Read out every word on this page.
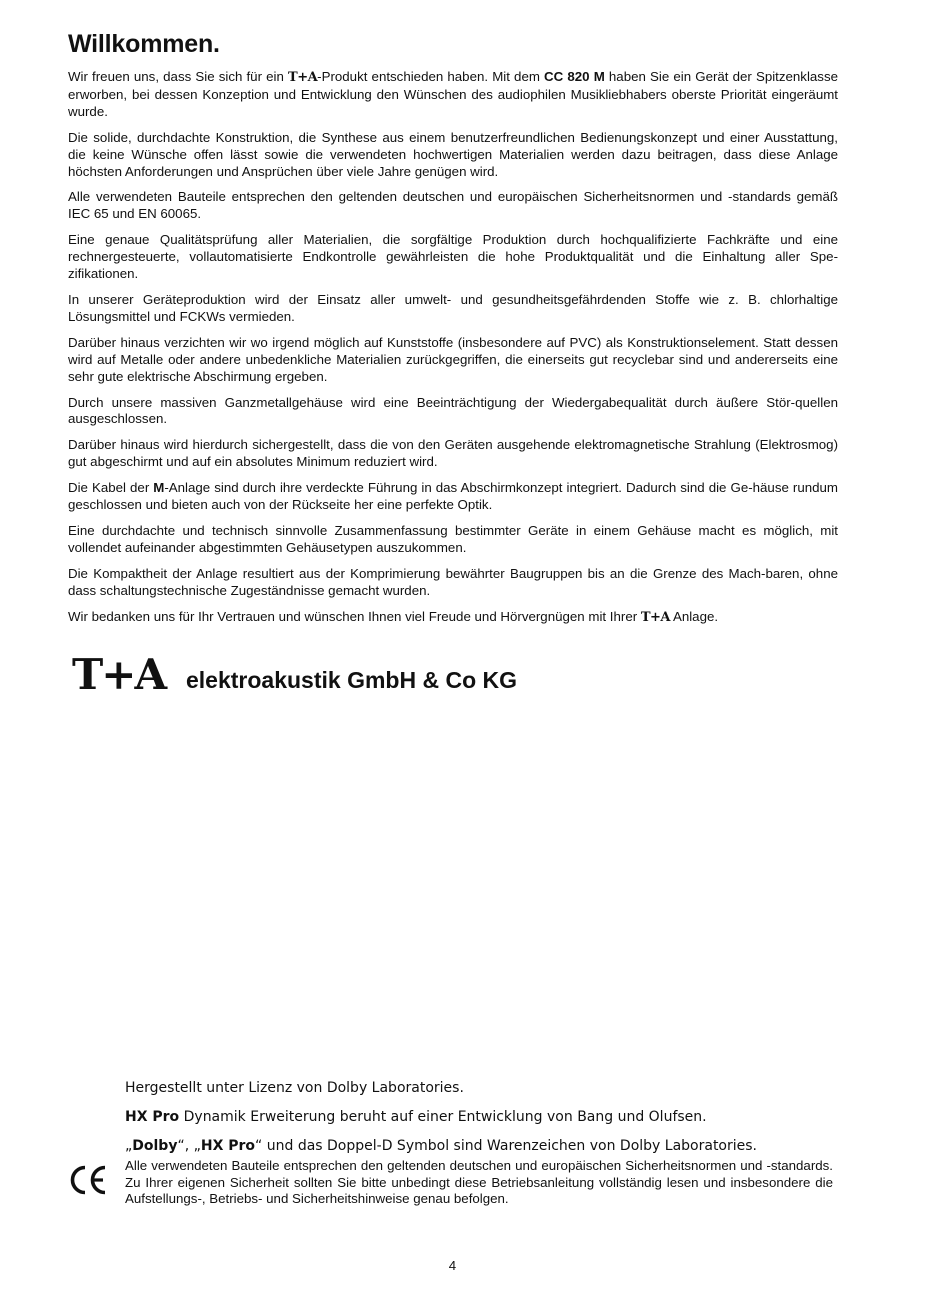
Willkommen.

Wir freuen uns, dass Sie sich für ein T+A-Produkt entschieden haben. Mit dem CC 820 M haben Sie ein Gerät der Spitzenklasse erworben, bei dessen Konzeption und Entwicklung den Wünschen des audiophilen Musikliebhabers oberste Priorität eingeräumt wurde.

Die solide, durchdachte Konstruktion, die Synthese aus einem benutzerfreundlichen Bedienungskonzept und einer Ausstattung, die keine Wünsche offen lässt sowie die verwendeten hochwertigen Materialien werden dazu beitragen, dass diese Anlage höchsten Anforderungen und Ansprüchen über viele Jahre genügen wird.

Alle verwendeten Bauteile entsprechen den geltenden deutschen und europäischen Sicherheitsnormen und -standards gemäß IEC 65 und EN 60065.

Eine genaue Qualitätsprüfung aller Materialien, die sorgfältige Produktion durch hochqualifizierte Fachkräfte und eine rechnergesteuerte, vollautomatisierte Endkontrolle gewährleisten die hohe Produktqualität und die Einhaltung aller Spe-zifikationen.

In unserer Geräteproduktion wird der Einsatz aller umwelt- und gesundheitsgefährdenden Stoffe wie z. B. chlorhaltige Lösungsmittel und FCKWs vermieden.

Darüber hinaus verzichten wir wo irgend möglich auf Kunststoffe (insbesondere auf PVC) als Konstruktionselement. Statt dessen wird auf Metalle oder andere unbedenkliche Materialien zurückgegriffen, die einerseits gut recyclebar sind und andererseits eine sehr gute elektrische Abschirmung ergeben.

Durch unsere massiven Ganzmetallgehäuse wird eine Beeinträchtigung der Wiedergabequalität durch äußere Stör-quellen ausgeschlossen.

Darüber hinaus wird hierdurch sichergestellt, dass die von den Geräten ausgehende elektromagnetische Strahlung (Elektrosmog) gut abgeschirmt und auf ein absolutes Minimum reduziert wird.

Die Kabel der M-Anlage sind durch ihre verdeckte Führung in das Abschirmkonzept integriert. Dadurch sind die Ge-häuse rundum geschlossen und bieten auch von der Rückseite her eine perfekte Optik.

Eine durchdachte und technisch sinnvolle Zusammenfassung bestimmter Geräte in einem Gehäuse macht es möglich, mit vollendet aufeinander abgestimmten Gehäusetypen auszukommen.

Die Kompaktheit der Anlage resultiert aus der Komprimierung bewährter Baugruppen bis an die Grenze des Mach-baren, ohne dass schaltungstechnische Zugeständnisse gemacht wurden.

Wir bedanken uns für Ihr Vertrauen und wünschen Ihnen viel Freude und Hörvergnügen mit Ihrer T+A Anlage.

T+A elektroakustik GmbH & Co KG

Hergestellt unter Lizenz von Dolby Laboratories.

HX Pro Dynamik Erweiterung beruht auf einer Entwicklung von Bang und Olufsen.

„Dolby“, „HX Pro“ und das Doppel-D Symbol sind Warenzeichen von Dolby Laboratories.

Alle verwendeten Bauteile entsprechen den geltenden deutschen und europäischen Sicherheitsnormen und -standards. Zu Ihrer eigenen Sicherheit sollten Sie bitte unbedingt diese Betriebsanleitung vollständig lesen und insbesondere die Aufstellungs-, Betriebs- und Sicherheitshinweise genau befolgen.

4
